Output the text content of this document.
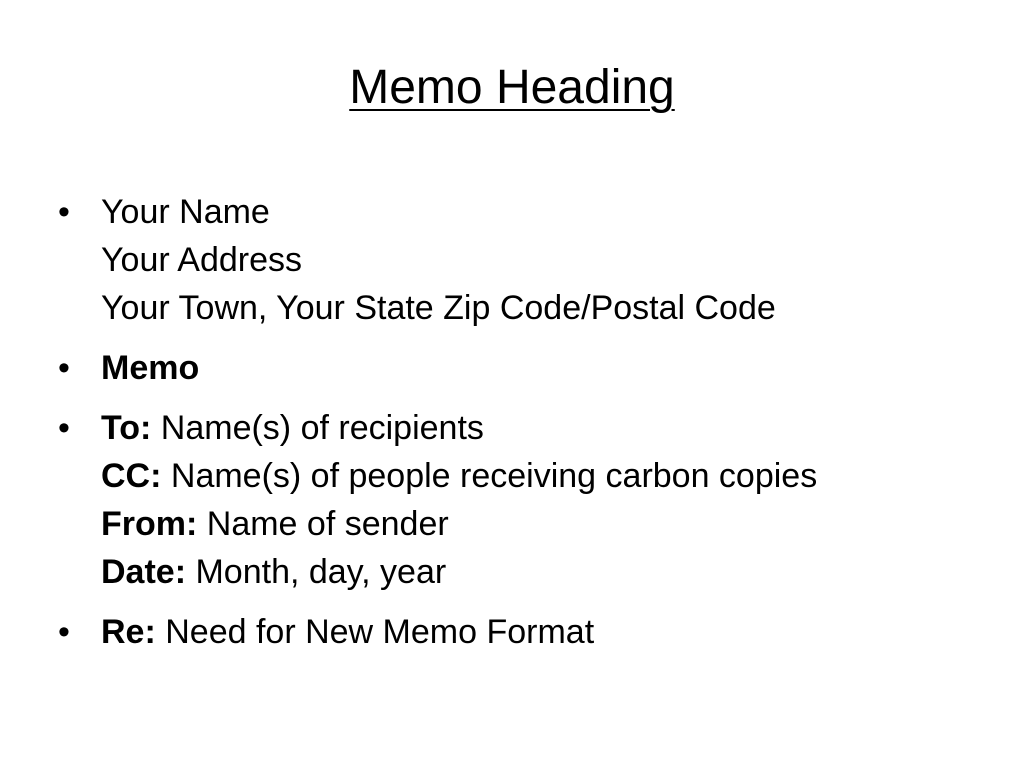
Memo Heading
• Your Name
Your Address
Your Town, Your State Zip Code/Postal Code
• Memo
• To: Name(s) of recipients
CC: Name(s) of people receiving carbon copies
From: Name of sender
Date: Month, day, year
• Re: Need for New Memo Format
